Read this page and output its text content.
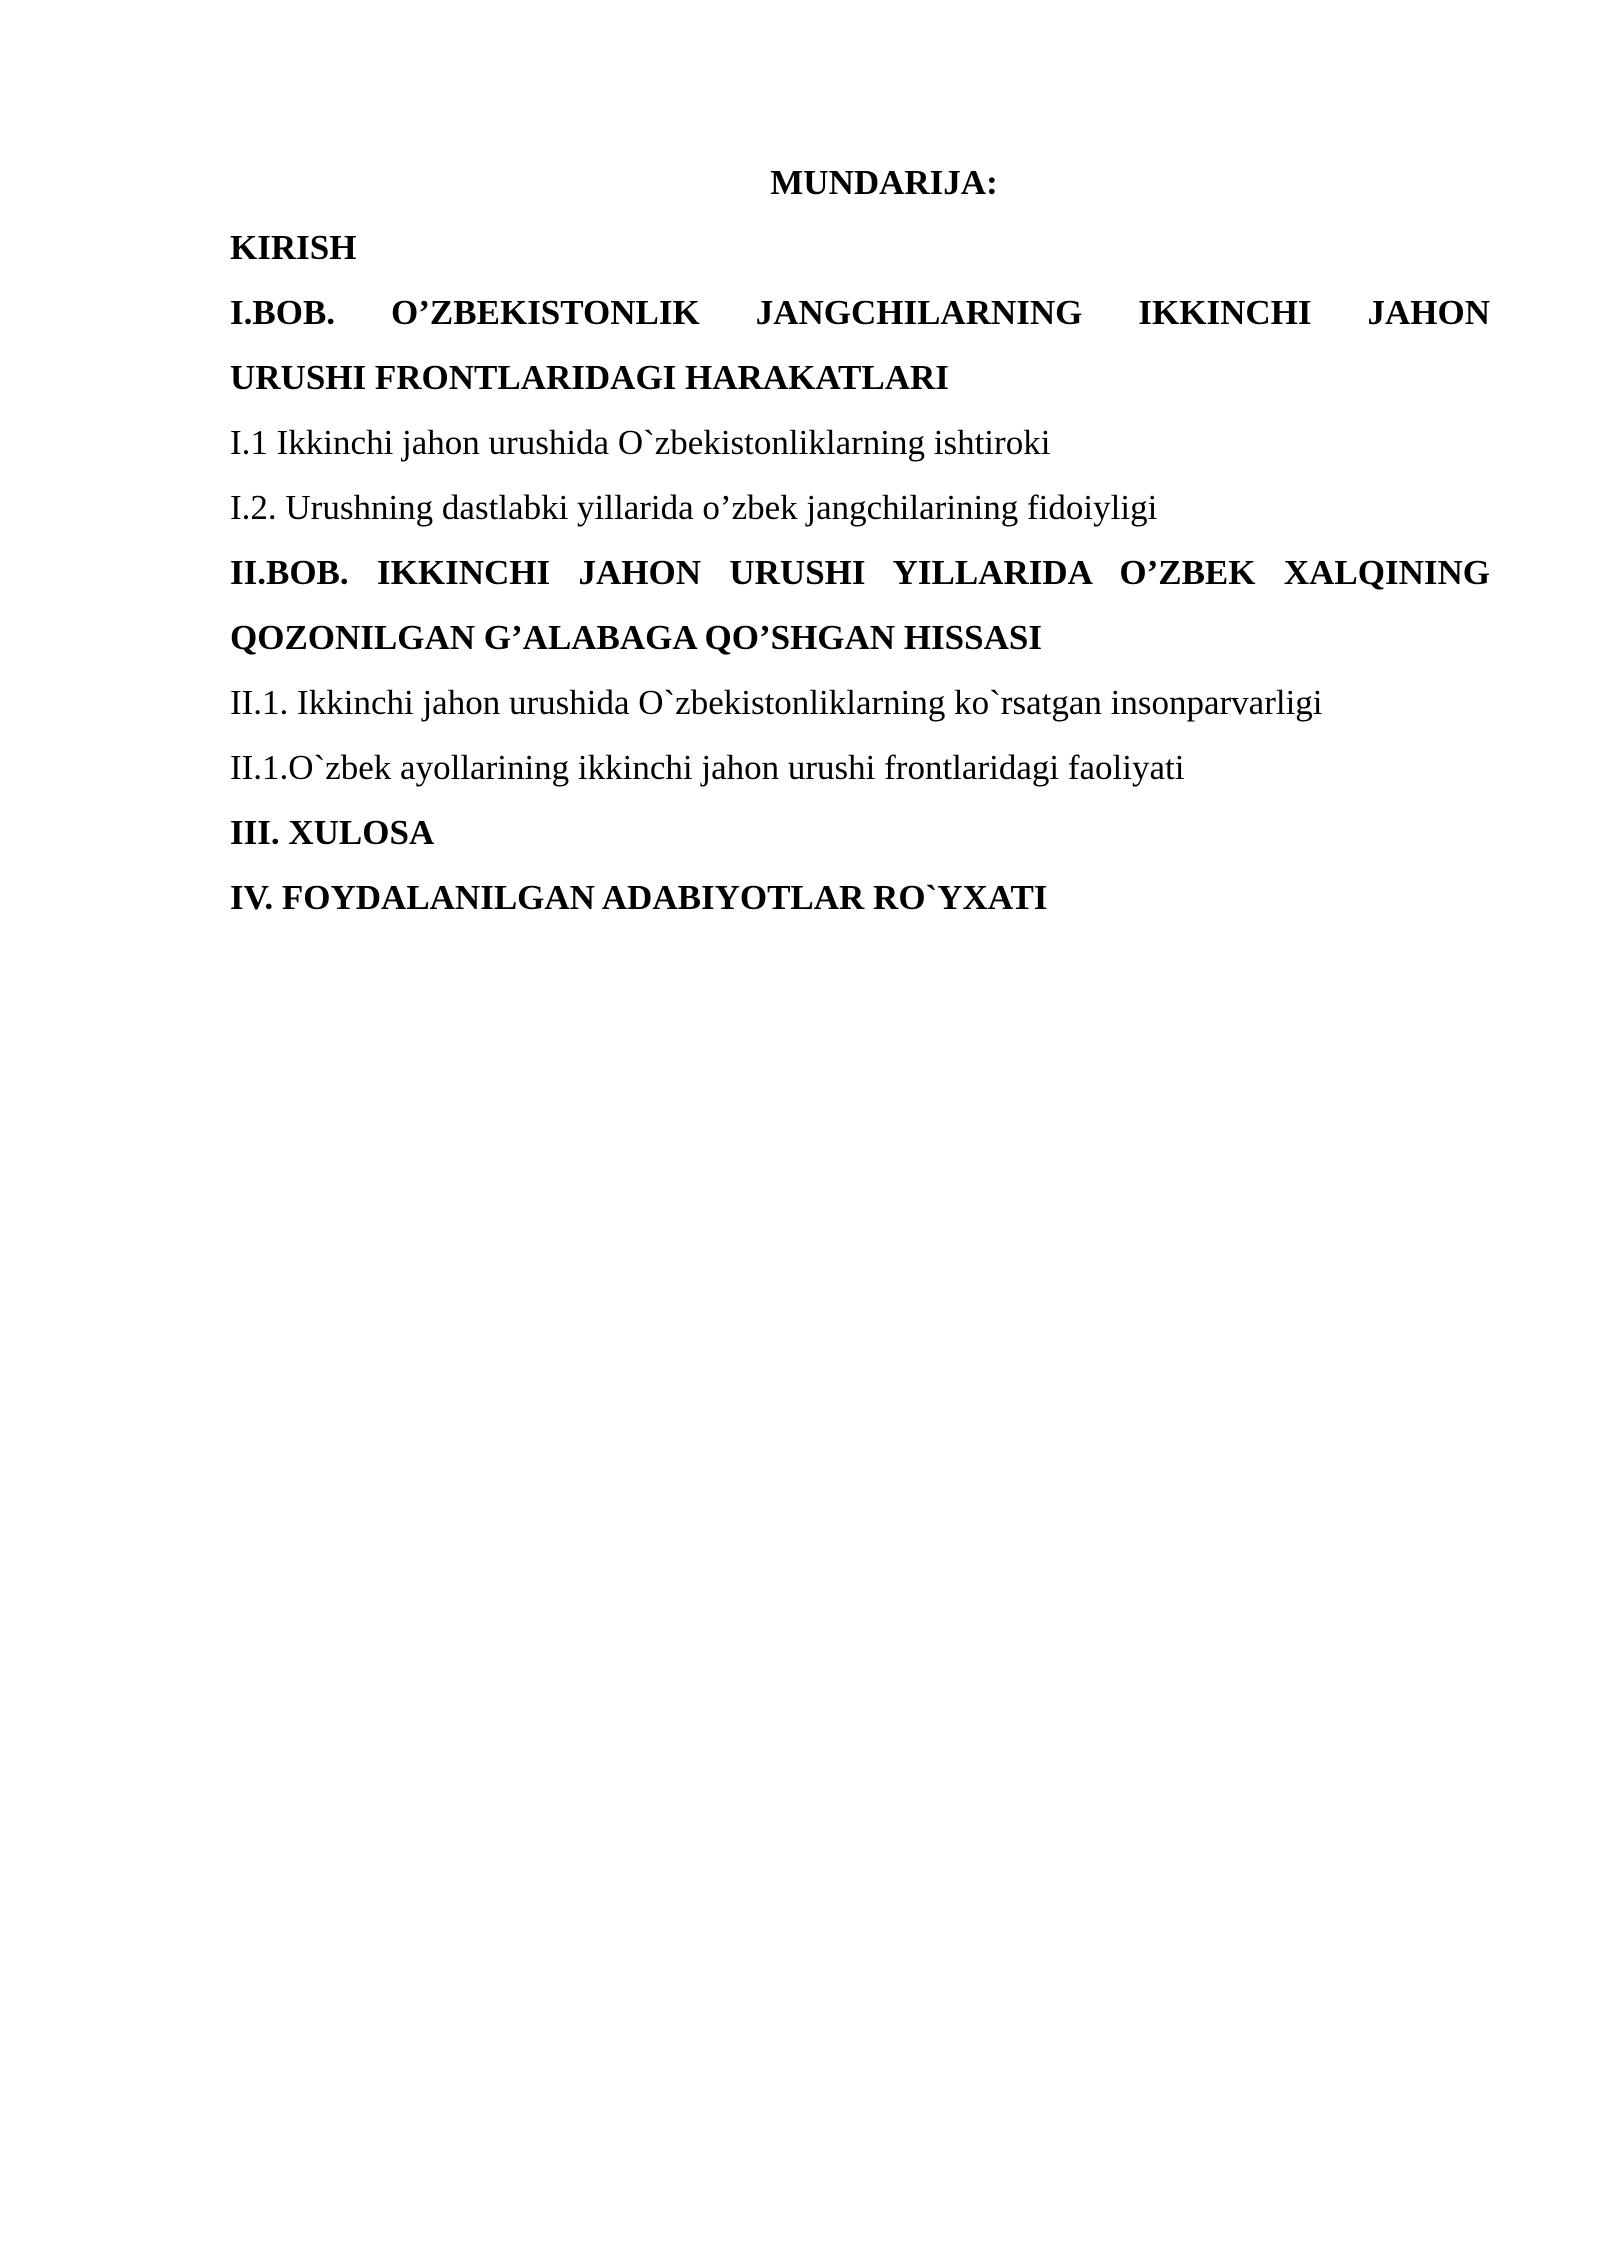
MUNDARIJA:

KIRISH

I.BOB. O’ZBEKISTONLIK JANGCHILARNING IKKINCHI JAHON

URUSHI FRONTLARIDAGI HARAKATLARI

I.1 Ikkinchi jahon urushida O`zbekistonliklarning ishtiroki

I.2. Urushning dastlabki yillarida o’zbek jangchilarining fidoiyligi

II.BOB. IKKINCHI JAHON URUSHI YILLARIDA O’ZBEK XALQINING

QOZONILGAN G’ALABAGA QO’SHGAN HISSASI

II.1. Ikkinchi jahon urushida O`zbekistonliklarning ko`rsatgan insonparvarligi

II.1.O`zbek ayollarining ikkinchi jahon urushi frontlaridagi faoliyati

III. XULOSA

IV. FOYDALANILGAN ADABIYOTLAR RO`YXATI
